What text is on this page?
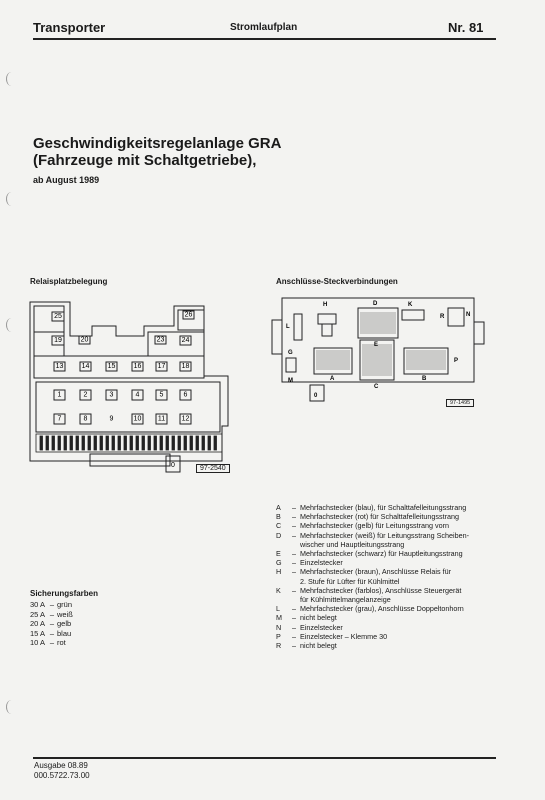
Transporter	Stromlaufplan	Nr. 81
Geschwindigkeitsregelanlage GRA
(Fahrzeuge mit Schaltgetriebe),
ab August 1989
Relaisplatzbelegung	Anschlüsse-Steckverbindungen
25	26
19	20	23 24
13	14	15	16 17 18
1	2	3	4	5	6
7	8	9	10 11 12
0	97-2540
H	D	K
R	N
L
G
M
E
C
A	B
P
0
97-1495
A	– Mehrfachstecker (blau), für Schalttafelleitungsstrang
B	– Mehrfachstecker (rot) für Schalttafelleitungsstrang
C	– Mehrfachstecker (gelb) für Leitungsstrang vorn
D	– Mehrfachstecker (weiß) für Leitungsstrang Scheiben-
wischer und Hauptleitungsstrang
E	– Mehrfachstecker (schwarz) für Hauptleitungsstrang
G	– Einzelstecker
H	– Mehrfachstecker (braun), Anschlüsse Relais für
2. Stufe für Lüfter für Kühlmittel
K	– Mehrfachstecker (farblos), Anschlüsse Steuergerät
für Kühlmittelmangelanzeige
L	– Mehrfachstecker (grau), Anschlüsse Doppeltonhorn
M	– nicht belegt
N	– Einzelstecker
P	– Einzelstecker – Klemme 30
R	– nicht belegt
Sicherungsfarben
30 A – grün
25 A – weiß
20 A – gelb
15 A – blau
10 A – rot
Ausgabe 08.89
000.5722.73.00
